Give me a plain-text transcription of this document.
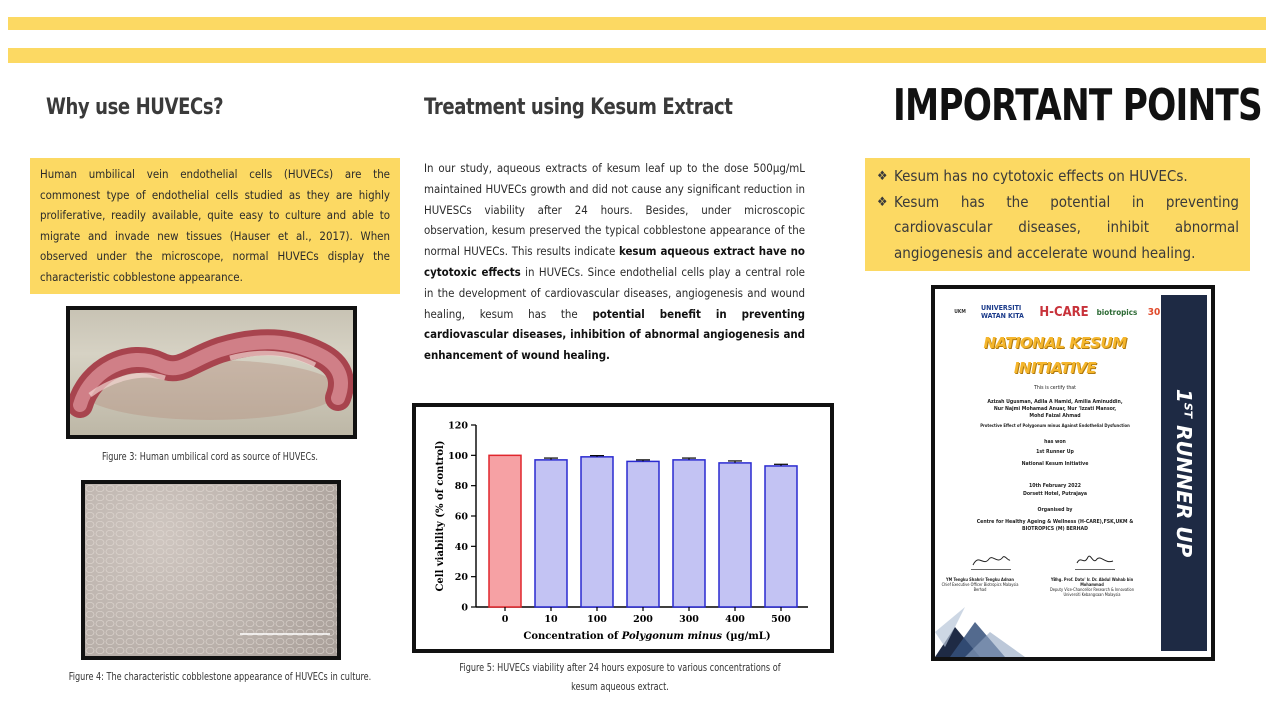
Why use HUVECs?
Human umbilical vein endothelial cells (HUVECs) are the commonest type of endothelial cells studied as they are highly proliferative, readily available, quite easy to culture and able to migrate and invade new tissues (Hauser et al., 2017). When observed under the microscope, normal HUVECs display the characteristic cobblestone appearance.
Figure 3: Human umbilical cord as source of HUVECs.
Figure 4: The characteristic cobblestone appearance of HUVECs in culture.
Treatment using Kesum Extract
In our study, aqueous extracts of kesum leaf up to the dose 500µg/mL maintained HUVECs growth and did not cause any significant reduction in HUVESCs viability after 24 hours. Besides, under microscopic observation, kesum preserved the typical cobblestone appearance of the normal HUVECs. This results indicate kesum aqueous extract have no cytotoxic effects in HUVECs. Since endothelial cells play a central role in the development of cardiovascular diseases, angiogenesis and wound healing, kesum has the potential benefit in preventing cardiovascular diseases, inhibition of abnormal angiogenesis and enhancement of wound healing.
0
20
40
60
80
100
120
0	10	100	200	300	400	500
Concentration of Polygonum minus (µg/mL)
Cell viability (% of control)
Figure 5: HUVECs viability after 24 hours exposure to various concentrations of kesum aqueous extract.
IMPORTANT POINTS
❖ Kesum has no cytotoxic effects on HUVECs.
❖ Kesum has the potential in preventing cardiovascular diseases, inhibit abnormal angiogenesis and accelerate wound healing.
UKM	UNIVERSITI WATAN KITA	H-CARE	biotropics	30
NATIONAL KESUM
INITIATIVE
This is certify that
Azizah Ugusman, Adila A Hamid, Amilia Aminuddin,
Nur Najmi Mohamad Anuar, Nur 'Izzati Mansor,
Mohd Faizal Ahmad
Protective Effect of Polygonum minus Against Endothelial Dysfunction
has won
1st Runner Up
National Kesum Initiative
10th February 2022
Dorsett Hotel, Putrajaya
Organised by
Centre for Healthy Ageing & Wellness (H-CARE),FSK,UKM &
BIOTROPICS (M) BERHAD
YM Tengku Shahrir Tengku Adnan
Chief Executive Officer Biotropics Malaysia Berhad
YBhg. Prof. Dato' Ir. Dr. Abdul Wahab bin Mohammad
Deputy Vice-Chancellor Research & Innovation Universiti Kebangsaan Malaysia
1ST RUNNER UP
